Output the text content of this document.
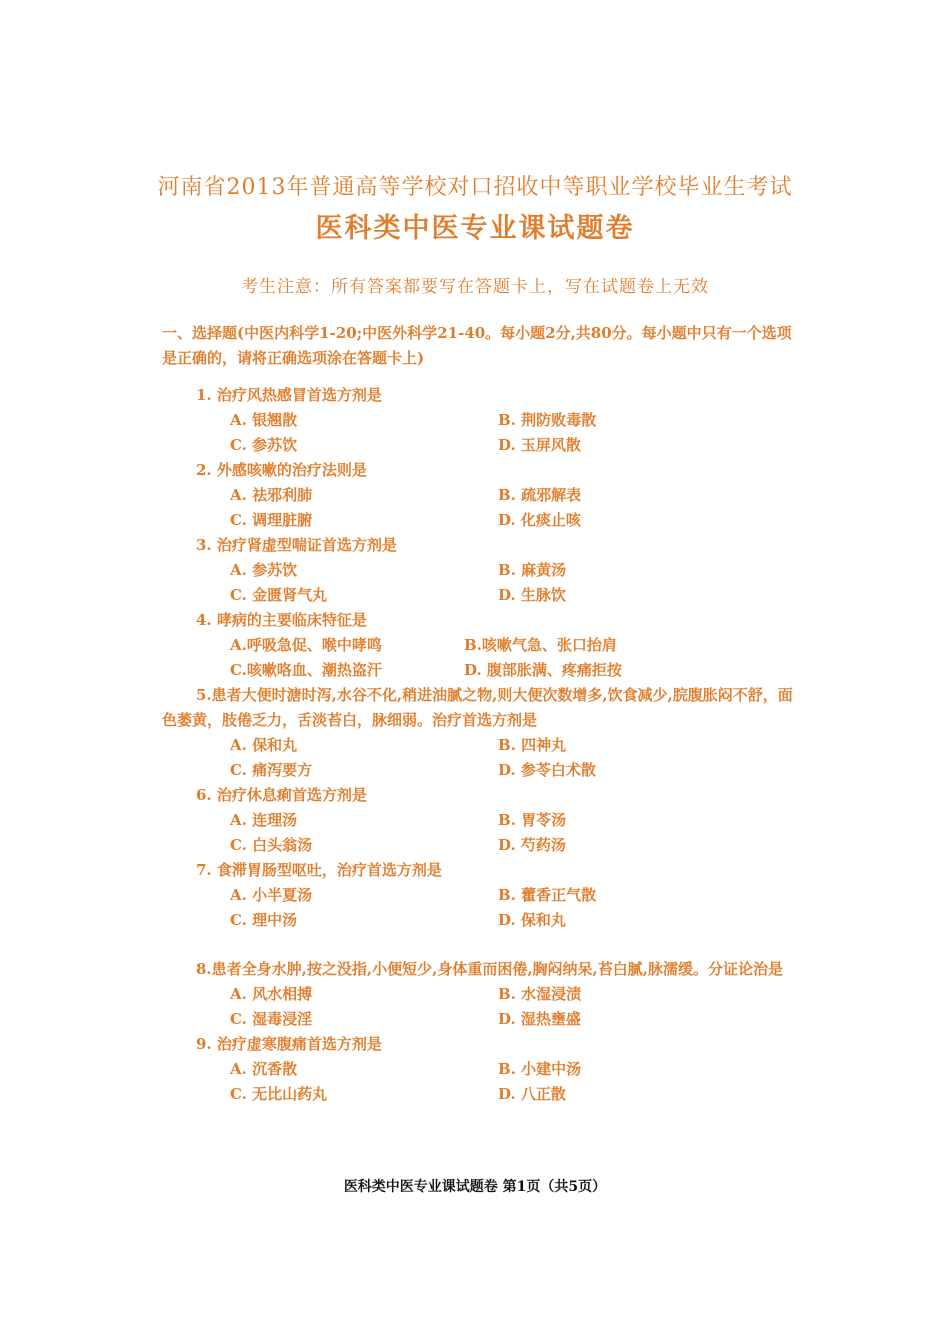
河南省2013年普通高等学校对口招收中等职业学校毕业生考试
医科类中医专业课试题卷
考生注意：所有答案都要写在答题卡上，写在试题卷上无效
一、选择题(中医内科学1-20;中医外科学21-40。每小题2分,共80分。每小题中只有一个选项是正确的，请将正确选项涂在答题卡上)
1. 治疗风热感冒首选方剂是
A. 银翘散	B. 荆防败毒散
C. 参苏饮	D. 玉屏风散
2. 外感咳嗽的治疗法则是
A. 祛邪利肺	B. 疏邪解表
C. 调理脏腑	D. 化痰止咳
3. 治疗肾虚型喘证首选方剂是
A. 参苏饮	B. 麻黄汤
C. 金匮肾气丸	D. 生脉饮
4. 哮病的主要临床特征是
A.呼吸急促、喉中哮鸣	B.咳嗽气急、张口抬肩
C.咳嗽咯血、潮热盗汗	D. 腹部胀满、疼痛拒按
5.患者大便时溏时泻,水谷不化,稍进油腻之物,则大便次数增多,饮食减少,脘腹胀闷不舒，面色萎黄，肢倦乏力，舌淡苔白，脉细弱。治疗首选方剂是
A. 保和丸	B. 四神丸
C. 痛泻要方	D. 参苓白术散
6. 治疗休息痢首选方剂是
A. 连理汤	B. 胃苓汤
C. 白头翁汤	D. 芍药汤
7. 食滞胃肠型呕吐，治疗首选方剂是
A. 小半夏汤	B. 藿香正气散
C. 理中汤	D. 保和丸
8.患者全身水肿,按之没指,小便短少,身体重而困倦,胸闷纳呆,苔白腻,脉濡缓。分证论治是
A. 风水相搏	B. 水湿浸渍
C. 湿毒浸淫	D. 湿热壅盛
9. 治疗虚寒腹痛首选方剂是
A. 沉香散	B. 小建中汤
C. 无比山药丸	D. 八正散
医科类中医专业课试题卷 第1页（共5页）
